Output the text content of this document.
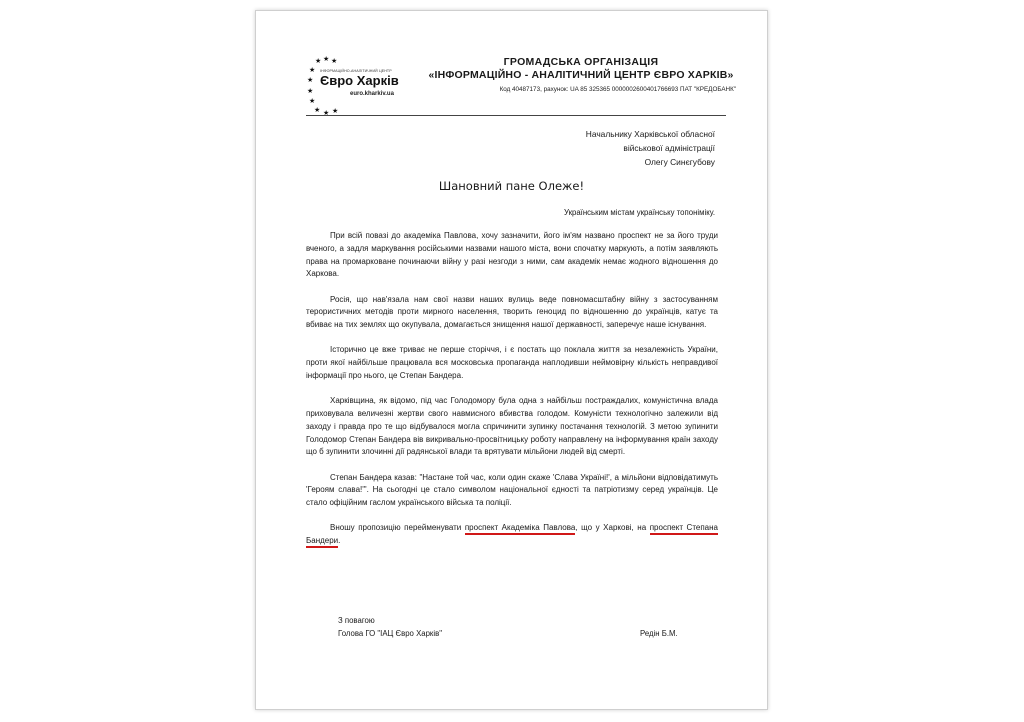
★ ★ ★
★
★
★
★
★ ★ ★
ІНФОРМАЦІЙНО-АНАЛІТИЧНИЙ ЦЕНТР
Євро Харків
euro.kharkiv.ua
ГРОМАДСЬКА ОРГАНІЗАЦІЯ
«ІНФОРМАЦІЙНО - АНАЛІТИЧНИЙ ЦЕНТР ЄВРО ХАРКІВ»
Код 40487173, рахунок: UA 85 325365 0000002600401766693 ПАТ "КРЕДОБАНК"
Начальнику Харківської обласної
військової адміністрації
Олегу Синєгубову
Шановний пане Олеже!
Українським містам українську топоніміку.

При всій повазі до академіка Павлова, хочу зазначити, його ім'ям названо проспект не за його труди вченого, а задля маркування російськими назвами нашого міста, вони спочатку маркують, а потім заявляють права на промарковане починаючи війну у разі незгоди з ними, сам академік немає жодного відношення до Харкова.

Росія, що нав'язала нам свої назви наших вулиць веде повномасштабну війну з застосуванням терористичних методів проти мирного населення, творить геноцид по відношенню до українців, катує та вбиває на тих землях що окупувала, домагається знищення нашої державності, заперечує наше існування.

Історично це вже триває не перше сторіччя, і є постать що поклала життя за незалежність України, проти якої найбільше працювала вся московська пропаганда наплодивши неймовірну кількість неправдивої інформації про нього, це Степан Бандера.

Харківщина, як відомо, під час Голодомору була одна з найбільш постраждалих, комуністична влада приховувала величезні жертви свого навмисного вбивства голодом. Комуністи технологічно залежили від заходу і правда про те що відбувалося могла спричинити зупинку постачання технологій. З метою зупинити Голодомор Степан Бандера вів викривально-просвітницьку роботу направлену на інформування країн заходу що б зупинити злочинні дії радянської влади та врятувати мільйони людей від смерті.

Степан Бандера казав: "Настане той час, коли один скаже 'Слава Україні!', а мільйони відповідатимуть 'Героям слава!'". На сьогодні це стало символом національної єдності та патріотизму серед українців. Це стало офіційним гаслом українського війська та поліції.

Вношу пропозицію перейменувати проспект Академіка Павлова, що у Харкові, на проспект Степана Бандери.

З повагою
Голова ГО "ІАЦ Євро Харків"	Редін Б.М.
